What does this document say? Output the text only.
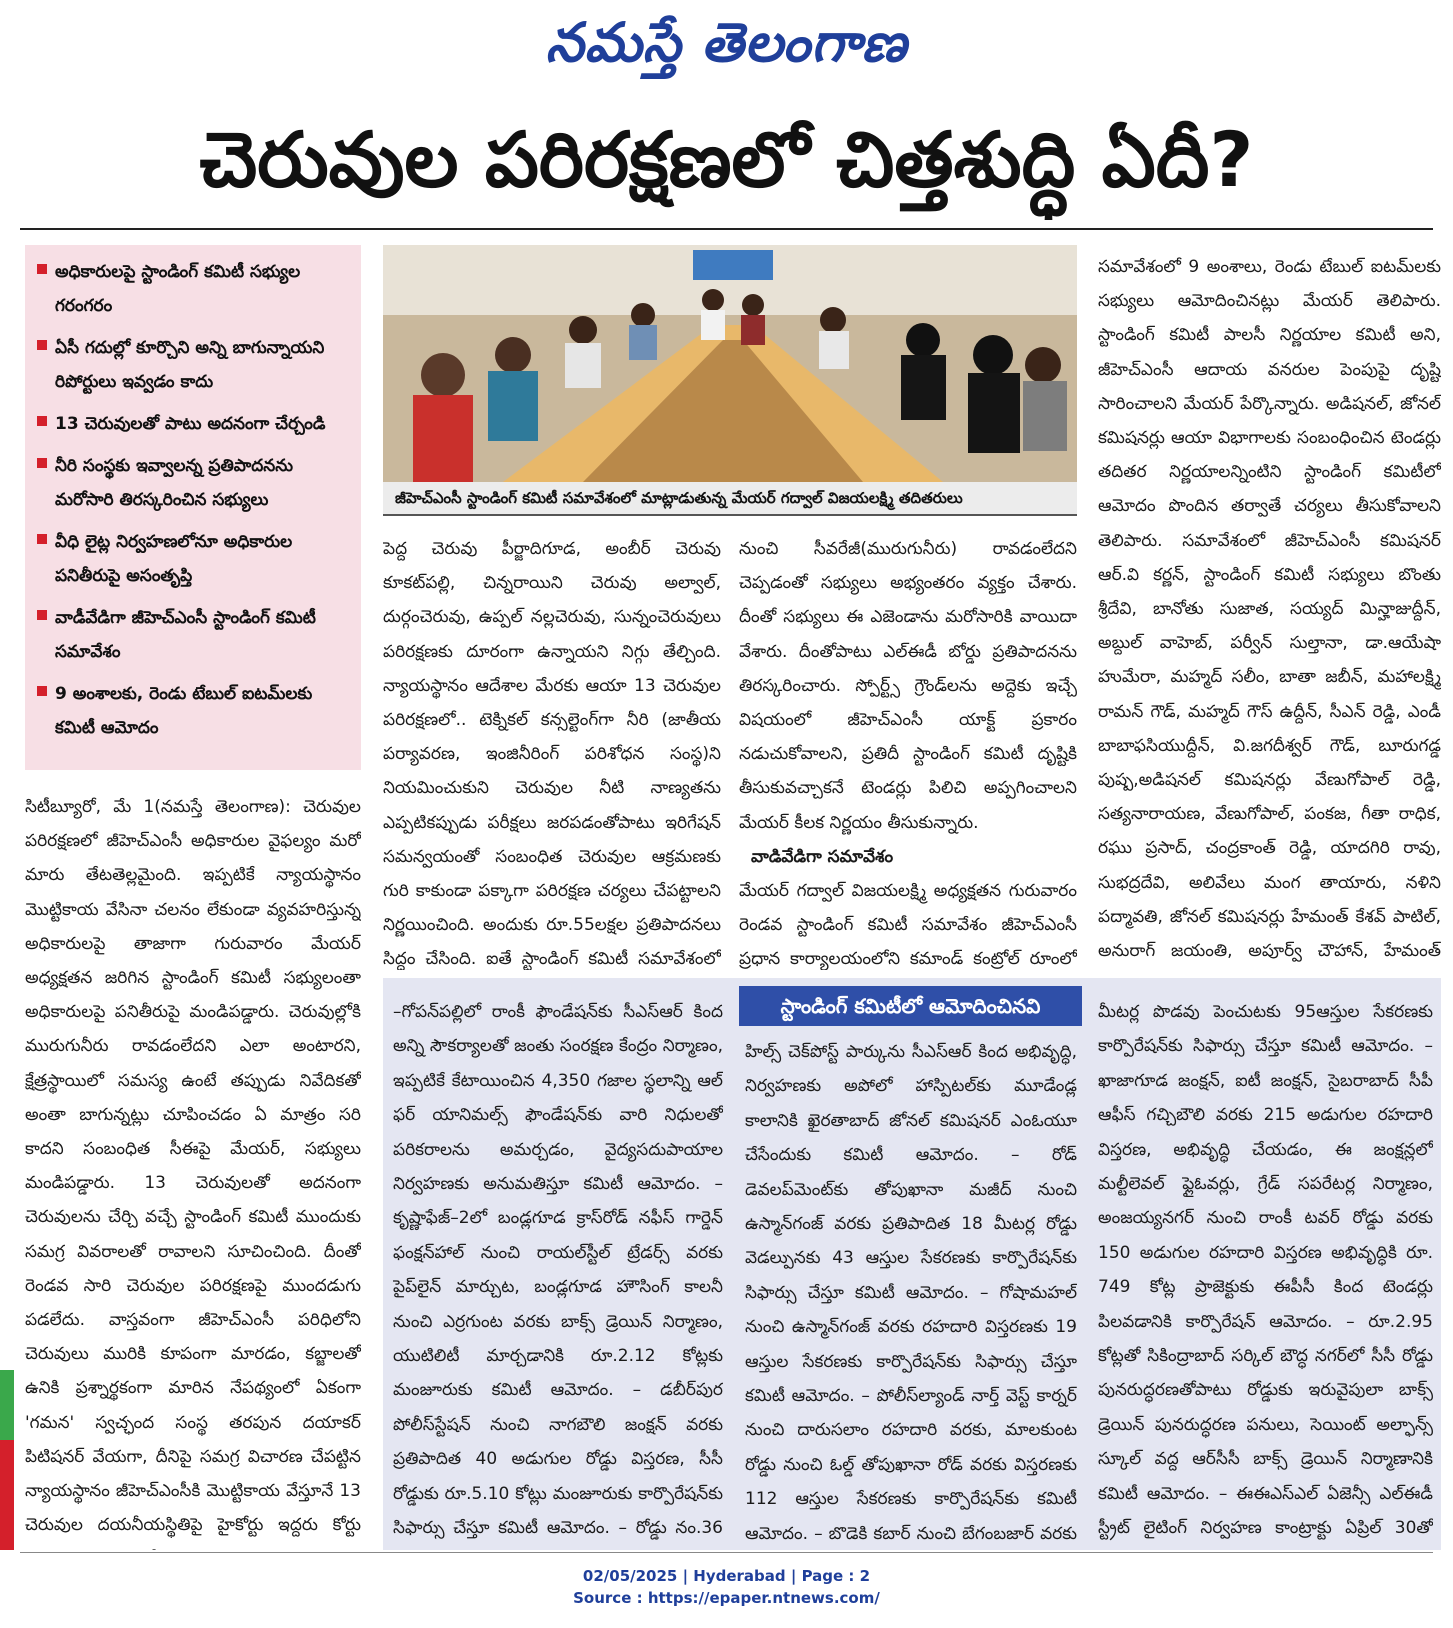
నమస్తే తెలంగాణ
చెరువుల పరిరక్షణలో చిత్తశుద్ధి ఏదీ?
అధికారులపై స్టాండింగ్ కమిటీ సభ్యుల గరంగరం
ఏసీ గదుల్లో కూర్చొని అన్ని బాగున్నాయని రిపోర్టులు ఇవ్వడం కాదు
13 చెరువులతో పాటు అదనంగా చేర్చండి
నీరి సంస్థకు ఇవ్వాలన్న ప్రతిపాదనను మరోసారి తిరస్కరించిన సభ్యులు
వీధి లైట్ల నిర్వహణలోనూ అధికారుల పనితీరుపై అసంతృప్తి
వాడీవేడిగా జీహెచ్ఎంసీ స్టాండింగ్ కమిటీ సమావేశం
9 అంశాలకు, రెండు టేబుల్ ఐటమ్‌లకు కమిటీ ఆమోదం
జీహెచ్ఎంసీ స్టాండింగ్ కమిటీ సమావేశంలో మాట్లాడుతున్న మేయర్ గద్వాల్ విజయలక్ష్మి తదితరులు
సిటీబ్యూరో, మే 1(నమస్తే తెలంగాణ): చెరువుల పరిరక్షణలో జీహెచ్ఎంసీ అధికారుల వైఫల్యం మరో మారు తేటతెల్లమైంది. ఇప్పటికే న్యాయస్థానం మొట్టికాయ వేసినా చలనం లేకుండా వ్యవహరిస్తున్న అధికారులపై తాజాగా గురువారం మేయర్ అధ్యక్షతన జరిగిన స్టాండింగ్ కమిటీ సభ్యులంతా అధికారులపై పనితీరుపై మండిపడ్డారు. చెరువుల్లోకి మురుగునీరు రావడంలేదని ఎలా అంటారని, క్షేత్రస్థాయిలో సమస్య ఉంటే తప్పుడు నివేదికతో అంతా బాగున్నట్లు చూపించడం ఏ మాత్రం సరి కాదని సంబంధిత సీఈపై మేయర్, సభ్యులు మండిపడ్డారు. 13 చెరువులతో అదనంగా చెరువులను చేర్చి వచ్చే స్టాండింగ్ కమిటీ ముందుకు సమగ్ర వివరాలతో రావాలని సూచించింది. దీంతో రెండవ సారి చెరువుల పరిరక్షణపై ముందడుగు పడలేదు. వాస్తవంగా జీహెచ్ఎంసీ పరిధిలోని చెరువులు మురికి కూపంగా మారడం, కబ్జాలతో ఉనికి ప్రశ్నార్థకంగా మారిన నేపథ్యంలో ఏకంగా 'గమన' స్వచ్ఛంద సంస్థ తరపున దయాకర్ పిటిషనర్ వేయగా, దీనిపై సమగ్ర విచారణ చేపట్టిన న్యాయస్థానం జీహెచ్ఎంసీకి మొట్టికాయ వేస్తూనే 13 చెరువుల దయనీయస్థితిపై హైకోర్టు ఇద్దరు కోర్టు
పెద్ద చెరువు పీర్జాదిగూడ, అంబీర్ చెరువు కూకట్‌పల్లి, చిన్నరాయిని చెరువు అల్వాల్, దుర్గంచెరువు, ఉప్పల్ నల్లచెరువు, సున్నంచెరువులు పరిరక్షణకు దూరంగా ఉన్నాయని నిగ్గు తేల్చింది. న్యాయస్థానం ఆదేశాల మేరకు ఆయా 13 చెరువుల పరిరక్షణలో.. టెక్నికల్ కన్సల్టెంగ్‌గా నీరి (జాతీయ పర్యావరణ, ఇంజినీరింగ్ పరిశోధన సంస్థ)ని నియమించుకుని చెరువుల నీటి నాణ్యతను ఎప్పటికప్పుడు పరీక్షలు జరపడంతోపాటు ఇరిగేషన్ సమన్వయంతో సంబంధిత చెరువుల ఆక్రమణకు గురి కాకుండా పక్కాగా పరిరక్షణ చర్యలు చేపట్టాలని నిర్ణయించింది. అందుకు రూ.55లక్షల ప్రతిపాదనలు సిద్ధం చేసింది. ఐతే స్టాండింగ్ కమిటీ సమావేశంలో
నుంచి సీవరేజీ(మురుగునీరు) రావడంలేదని చెప్పడంతో సభ్యులు అభ్యంతరం వ్యక్తం చేశారు. దీంతో సభ్యులు ఈ ఎజెండాను మరోసారికి వాయిదా వేశారు. దీంతోపాటు ఎల్ఈడీ బోర్డు ప్రతిపాదనను తిరస్కరించారు. స్పోర్ట్స్ గ్రౌండ్‌లను అద్దెకు ఇచ్చే విషయంలో జీహెచ్ఎంసీ యాక్ట్ ప్రకారం నడుచుకోవాలని, ప్రతిదీ స్టాండింగ్ కమిటీ దృష్టికి తీసుకువచ్చాకనే టెండర్లు పిలిచి అప్పగించాలని మేయర్ కీలక నిర్ణయం తీసుకున్నారు.
వాడివేడిగా సమావేశం
మేయర్ గద్వాల్ విజయలక్ష్మి అధ్యక్షతన గురువారం రెండవ స్టాండింగ్ కమిటీ సమావేశం జీహెచ్ఎంసీ ప్రధాన కార్యాలయంలోని కమాండ్ కంట్రోల్ రూంలో
సమావేశంలో 9 అంశాలు, రెండు టేబుల్ ఐటమ్‌లకు సభ్యులు ఆమోదించినట్లు మేయర్ తెలిపారు. స్టాండింగ్ కమిటీ పాలసీ నిర్ణయాల కమిటీ అని, జీహెచ్ఎంసీ ఆదాయ వనరుల పెంపుపై దృష్టి సారించాలని మేయర్ పేర్కొన్నారు. అడిషనల్, జోనల్ కమిషనర్లు ఆయా విభాగాలకు సంబంధించిన టెండర్లు తదితర నిర్ణయాలన్నింటిని స్టాండింగ్ కమిటీలో ఆమోదం పొందిన తర్వాతే చర్యలు తీసుకోవాలని తెలిపారు. సమావేశంలో జీహెచ్ఎంసీ కమిషనర్ ఆర్.వి కర్ణన్, స్టాండింగ్ కమిటీ సభ్యులు బొంతు శ్రీదేవి, బానోతు సుజాత, సయ్యద్ మిన్హాజుద్దీన్, అబ్దుల్ వాహెబ్, పర్వీన్ సుల్తానా, డా.ఆయేషా హుమేరా, మహ్మద్ సలీం, బాతా జబీన్, మహాలక్ష్మి రామన్ గౌడ్, మహ్మద్ గౌస్ ఉద్దీన్, సీఎన్ రెడ్డి, ఎండీ బాబాఫసియుద్దీన్, వి.జగదీశ్వర్ గౌడ్, బూరుగడ్డ పుష్ప,అడిషనల్ కమిషనర్లు వేణుగోపాల్ రెడ్డి, సత్యనారాయణ, వేణుగోపాల్, పంకజ, గీతా రాధిక, రఘు ప్రసాద్, చంద్రకాంత్ రెడ్డి, యాదగిరి రావు, సుభద్రదేవి, అలివేలు మంగ తాయారు, నళిని పద్మావతి, జోనల్ కమిషనర్లు హేమంత్ కేశవ్ పాటిల్, అనురాగ్ జయంతి, అపూర్వ్ చౌహాన్, హేమంత్
స్టాండింగ్ కమిటీలో ఆమోదించినవి
–గోపన్‌పల్లిలో రాంకీ ఫౌండేషన్‌కు సీఎస్ఆర్ కింద అన్ని సౌకర్యాలతో జంతు సంరక్షణ కేంద్రం నిర్మాణం, ఇప్పటికే కేటాయించిన 4,350 గజాల స్థలాన్ని ఆల్ ఫర్ యానిమల్స్ ఫౌండేషన్‌కు వారి నిధులతో పరికరాలను అమర్చడం, వైద్యసదుపాయాల నిర్వహణకు అనుమతిస్తూ కమిటీ ఆమోదం. – కృష్ణాఫేజ్–2లో బండ్లగూడ క్రాస్‌రోడ్ నఫీస్ గార్డెన్ ఫంక్షన్‌హాల్ నుంచి రాయల్‌స్టీల్ ట్రేడర్స్ వరకు పైప్‌లైన్ మార్చుట, బండ్లగూడ హౌసింగ్ కాలనీ నుంచి ఎర్రగుంట వరకు బాక్స్ డ్రెయిన్ నిర్మాణం, యుటిలిటీ మార్చడానికి రూ.2.12 కోట్లకు మంజూరుకు కమిటీ ఆమోదం. – డబీర్‌పుర పోలీస్‌స్టేషన్ నుంచి నాగబౌలి జంక్షన్ వరకు ప్రతిపాదిత 40 అడుగుల రోడ్డు విస్తరణ, సీసీ రోడ్డుకు రూ.5.10 కోట్లు మంజూరుకు కార్పొరేషన్‌కు సిఫార్సు చేస్తూ కమిటీ ఆమోదం. – రోడ్డు నం.36
హిల్స్ చెక్‌పోస్ట్ పార్కును సీఎస్ఆర్ కింద అభివృద్ధి, నిర్వహణకు అపోలో హాస్పిటల్‌కు మూడేండ్ల కాలానికి ఖైరతాబాద్ జోనల్ కమిషనర్ ఎంఓయూ చేసేందుకు కమిటీ ఆమోదం. – రోడ్ డెవలప్‌మెంట్‌కు తోపుఖానా మజీద్ నుంచి ఉస్మాన్‌గంజ్ వరకు ప్రతిపాదిత 18 మీటర్ల రోడ్డు వెడల్పునకు 43 ఆస్తుల సేకరణకు కార్పొరేషన్‌కు సిఫార్సు చేస్తూ కమిటీ ఆమోదం. – గోషామహల్ నుంచి ఉస్మాన్‌గంజ్ వరకు రహదారి విస్తరణకు 19 ఆస్తుల సేకరణకు కార్పొరేషన్‌కు సిఫార్సు చేస్తూ కమిటీ ఆమోదం. – పోలీస్‌ల్యాండ్ నార్త్ వెస్ట్ కార్నర్ నుంచి దారుసలాం రహదారి వరకు, మాలకుంట రోడ్డు నుంచి ఓల్డ్ తోపుఖానా రోడ్ వరకు విస్తరణకు 112 ఆస్తుల సేకరణకు కార్పొరేషన్‌కు కమిటీ ఆమోదం. – బొడెకి కబార్ నుంచి బేగంబజార్ వరకు
మీటర్ల పొడవు పెంచుటకు 95ఆస్తుల సేకరణకు కార్పొరేషన్‌కు సిఫార్సు చేస్తూ కమిటీ ఆమోదం. – ఖాజాగూడ జంక్షన్, ఐటీ జంక్షన్, సైబరాబాద్ సీపీ ఆఫీస్ గచ్చిబౌలి వరకు 215 అడుగుల రహదారి విస్తరణ, అభివృద్ధి చేయడం, ఈ జంక్షన్లలో మల్టీలెవల్ ఫ్లైఓవర్లు, గ్రేడ్ సపరేటర్ల నిర్మాణం, అంజయ్యనగర్ నుంచి రాంకీ టవర్ రోడ్డు వరకు 150 అడుగుల రహదారి విస్తరణ అభివృద్ధికి రూ. 749 కోట్ల ప్రాజెక్టుకు ఈపీసీ కింద టెండర్లు పిలవడానికి కార్పొరేషన్ ఆమోదం. – రూ.2.95 కోట్లతో సికింద్రాబాద్ సర్కిల్ బౌద్ధ నగర్‌లో సీసీ రోడ్డు పునరుద్ధరణతోపాటు రోడ్డుకు ఇరువైపులా బాక్స్ డ్రెయిన్ పునరుద్ధరణ పనులు, సెయింట్ అల్ఫాన్స్ స్కూల్ వద్ద ఆర్‌సీసీ బాక్స్ డ్రెయిన్ నిర్మాణానికి కమిటీ ఆమోదం. – ఈఈఎస్ఎల్ ఏజెన్సీ ఎల్ఈడీ స్ట్రీట్ లైటింగ్ నిర్వహణ కాంట్రాక్టు ఏప్రిల్ 30తో
02/05/2025 | Hyderabad | Page : 2
Source : https://epaper.ntnews.com/
